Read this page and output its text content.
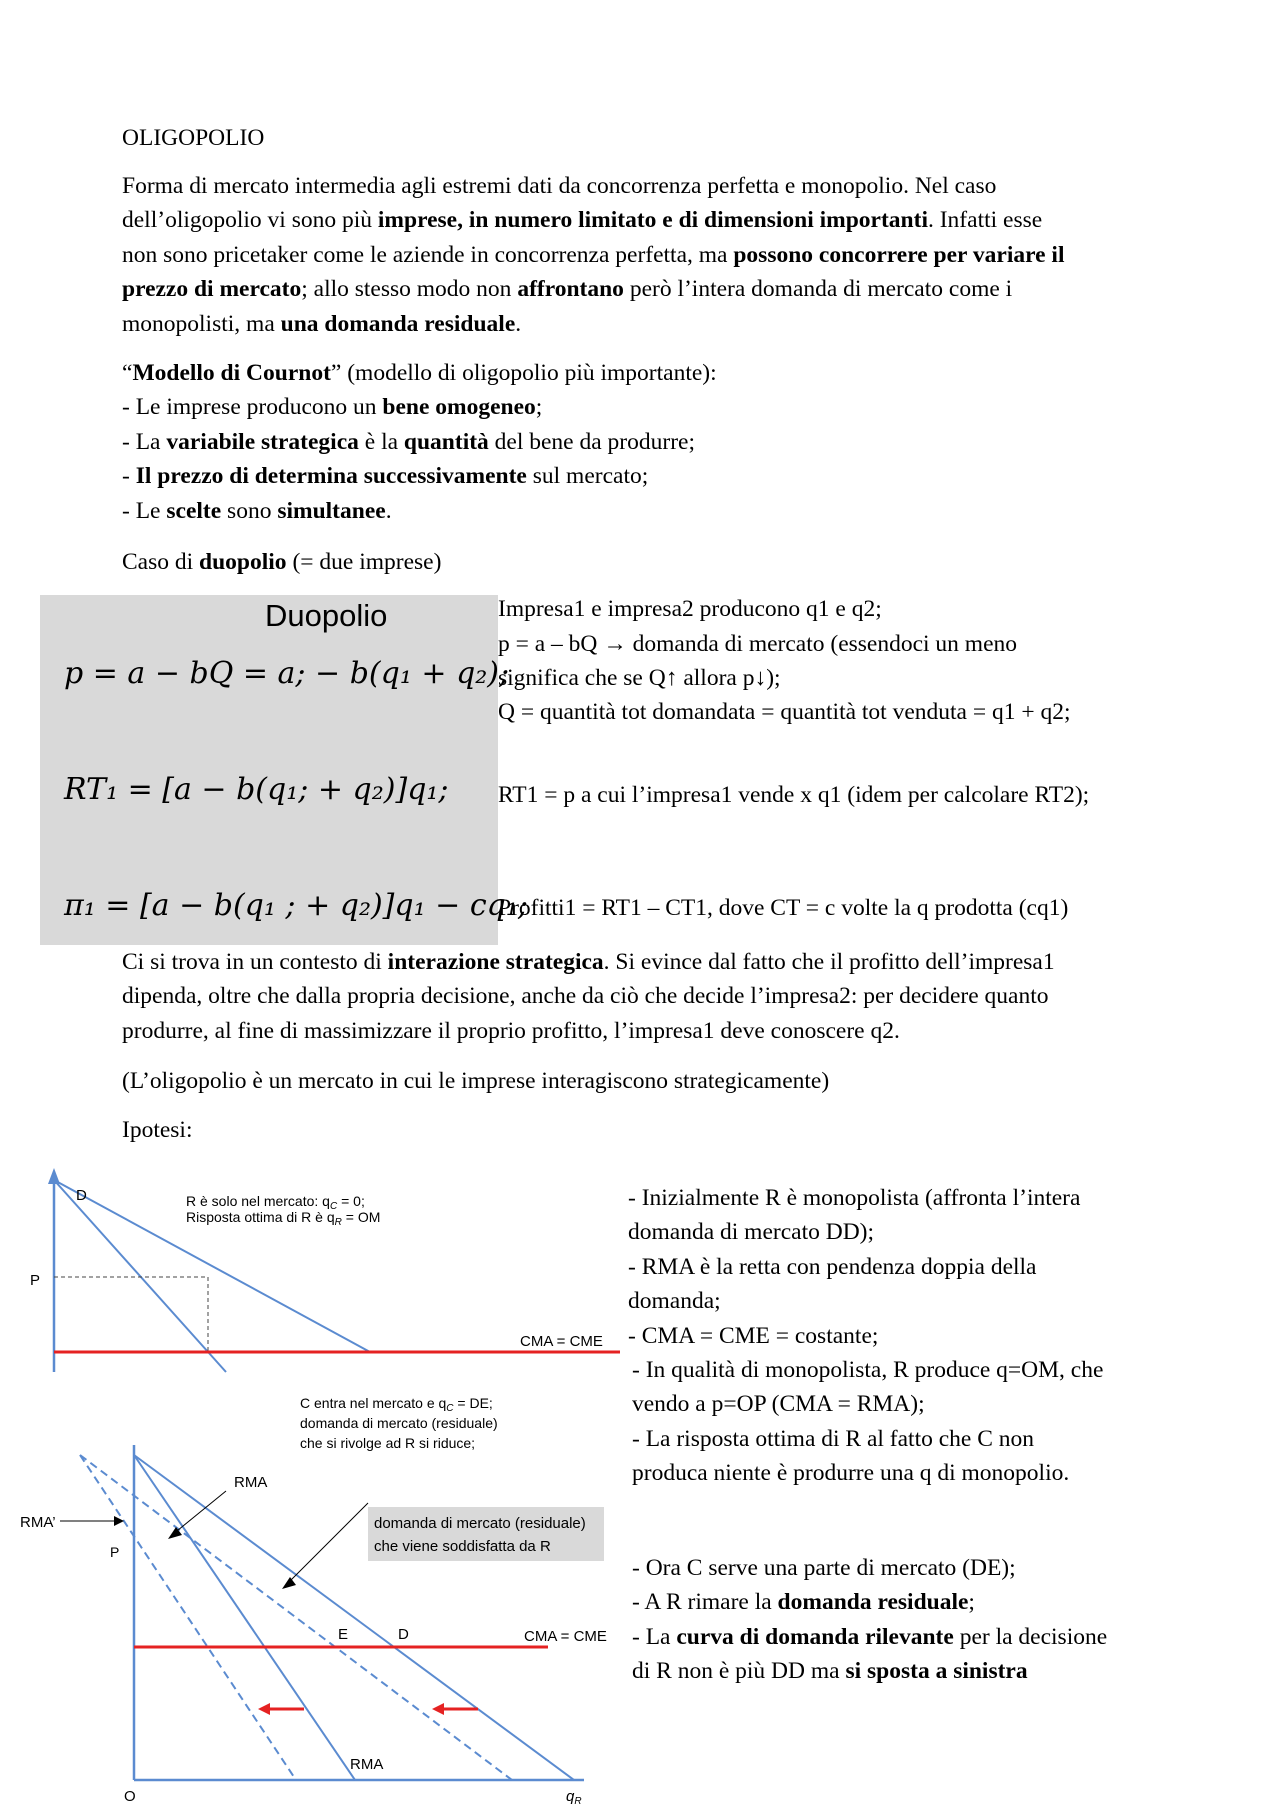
OLIGOPOLIO

Forma di mercato intermedia agli estremi dati da concorrenza perfetta e monopolio. Nel caso
dell’oligopolio vi sono più imprese, in numero limitato e di dimensioni importanti. Infatti esse
non sono pricetaker come le aziende in concorrenza perfetta, ma possono concorrere per variare il
prezzo di mercato; allo stesso modo non affrontano però l’intera domanda di mercato come i
monopolisti, ma una domanda residuale.
“Modello di Cournot” (modello di oligopolio più importante):
- Le imprese producono un bene omogeneo;
- La variabile strategica è la quantità del bene da produrre;
- Il prezzo di determina successivamente sul mercato;
- Le scelte sono simultanee.

Caso di duopolio (= due imprese)

Duopolio
p = a − bQ = a; − b(q₁ + q₂);
RT₁ = [a − b(q₁; + q₂)]q₁;
π₁ = [a − b(q₁ ; + q₂)]q₁ − cq₁;

Impresa1 e impresa2 producono q1 e q2;

p = a – bQ → domanda di mercato (essendoci un meno

significa che se Q↑ allora p↓);

Q = quantità tot domandata = quantità tot venduta = q1 + q2;

RT1 = p a cui l’impresa1 vende x q1 (idem per calcolare RT2);

Profitti1 = RT1 – CT1, dove CT = c volte la q prodotta (cq1)

Ci si trova in un contesto di interazione strategica. Si evince dal fatto che il profitto dell’impresa1
dipenda, oltre che dalla propria decisione, anche da ciò che decide l’impresa2: per decidere quanto
produrre, al fine di massimizzare il proprio profitto, l’impresa1 deve conoscere q2.

(L’oligopolio è un mercato in cui le imprese interagiscono strategicamente)

Ipotesi:

D
P
R è solo nel mercato: $q_C = 0$;
Risposta ottima di R è $q_R$ = OM
CMA = CME
domanda di mercato (residuale)
che viene soddisfatta da R
C entra nel mercato e $q_C$ = DE;
domanda di mercato (residuale)
che si rivolge ad R si riduce;
RMA
RMA’
P
E	D	CMA = CME
RMA
O	$q_R$
- Inizialmente R è monopolista (affronta l’intera
domanda di mercato DD);
- RMA è la retta con pendenza doppia della
domanda;
- CMA = CME = costante;
- In qualità di monopolista, R produce q=OM, che
vendo a p=OP (CMA = RMA);
- La risposta ottima di R al fatto che C non
produca niente è produrre una q di monopolio.
- Ora C serve una parte di mercato (DE);
- A R rimare la domanda residuale;
- La curva di domanda rilevante per la decisione
di R non è più DD ma si sposta a sinistra
